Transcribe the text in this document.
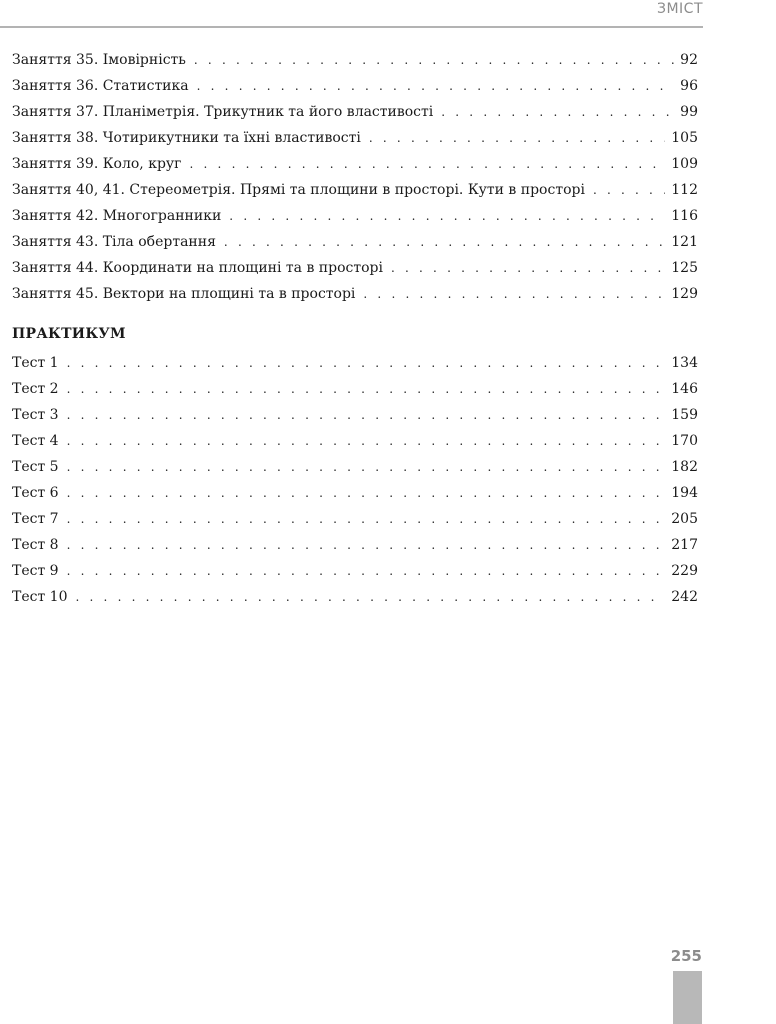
ЗМІСТ
Заняття 35. Імовірність . . .	92
Заняття 36. Статистика . . .	96
Заняття 37. Планіметрія. Трикутник та його властивості . . .	99
Заняття 38. Чотирикутники та їхні властивості . . .	105
Заняття 39. Коло, круг . . .	109
Заняття 40, 41. Стереометрія. Прямі та площини в просторі. Кути в просторі . . .	112
Заняття 42. Многогранники . . .	116
Заняття 43. Тіла обертання . . .	121
Заняття 44. Координати на площині та в просторі . . .	125
Заняття 45. Вектори на площині та в просторі . . .	129
ПРАКТИКУМ
Тест 1 . . .	134
Тест 2 . . .	146
Тест 3 . . .	159
Тест 4 . . .	170
Тест 5 . . .	182
Тест 6 . . .	194
Тест 7 . . .	205
Тест 8 . . .	217
Тест 9 . . .	229
Тест 10 . . .	242
255
